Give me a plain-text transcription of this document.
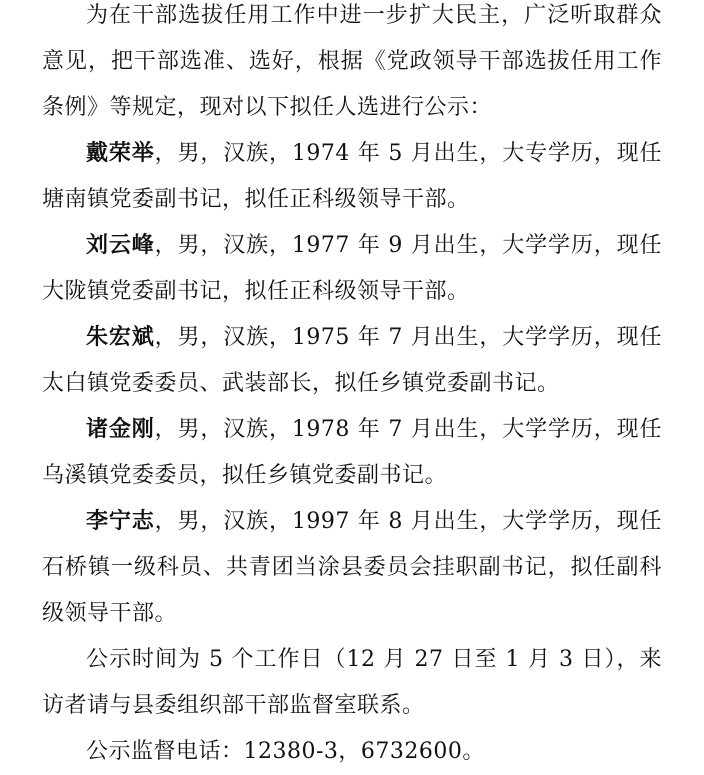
为在干部选拔任用工作中进一步扩大民主，广泛听取群众意见，把干部选准、选好，根据《党政领导干部选拔任用工作条例》等规定，现对以下拟任人选进行公示：

戴荣举，男，汉族，1974 年 5 月出生，大专学历，现任塘南镇党委副书记，拟任正科级领导干部。

刘云峰，男，汉族，1977 年 9 月出生，大学学历，现任大陇镇党委副书记，拟任正科级领导干部。

朱宏斌，男，汉族，1975 年 7 月出生，大学学历，现任太白镇党委委员、武装部长，拟任乡镇党委副书记。

诸金刚，男，汉族，1978 年 7 月出生，大学学历，现任乌溪镇党委委员，拟任乡镇党委副书记。

李宁志，男，汉族，1997 年 8 月出生，大学学历，现任石桥镇一级科员、共青团当涂县委员会挂职副书记，拟任副科级领导干部。

公示时间为 5 个工作日（12 月 27 日至 1 月 3 日），来访者请与县委组织部干部监督室联系。

公示监督电话：12380-3，6732600。
